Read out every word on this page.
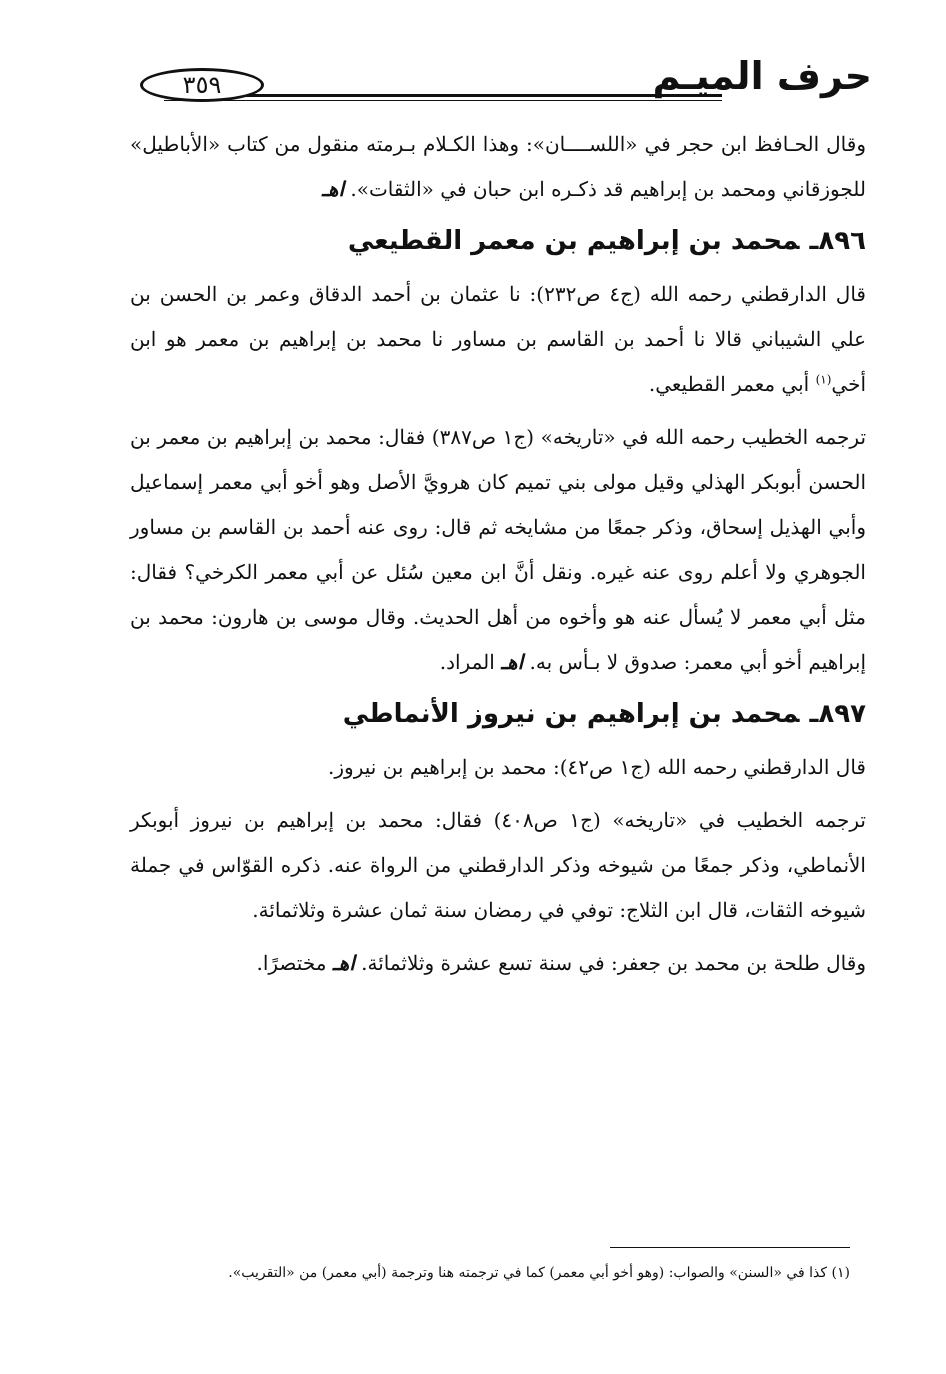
حرف الميـم
٣٥٩

وقال الحـافظ ابن حجر في «اللســــان»: وهذا الكـلام بـرمته منقول من كتاب «الأباطيل» للجوزقاني ومحمد بن إبراهيم قد ذكـره ابن حبان في «الثقات». اهـ

٨٩٦ـمحمد بن إبراهيم بن معمر القطيعي

قال الدارقطني رحمه الله (ج٤ ص٢٣٢): نا عثمان بن أحمد الدقاق وعمر بن الحسن بن علي الشيباني قالا نا أحمد بن القاسم بن مساور نا محمد بن إبراهيم بن معمر هو ابن أخي$^{(١)}$ أبي معمر القطيعي.

ترجمه الخطيب رحمه الله في «تاريخه» (ج١ ص٣٨٧) فقال: محمد بن إبراهيم بن معمر بن الحسن أبوبكر الهذلي وقيل مولى بني تميم كان هرويَّ الأصل وهو أخو أبي معمر إسماعيل وأبي الهذيل إسحاق، وذكر جمعًا من مشايخه ثم قال: روى عنه أحمد بن القاسم بن مساور الجوهري ولا أعلم روى عنه غيره. ونقل أنَّ ابن معين سُئل عن أبي معمر الكرخي؟ فقال: مثل أبي معمر لا يُسأل عنه هو وأخوه من أهل الحديث. وقال موسى بن هارون: محمد بن إبراهيم أخو أبي معمر: صدوق لا بـأس به. اهـ المراد.

٨٩٧ـمحمد بن إبراهيم بن نيروز الأنماطي

قال الدارقطني رحمه الله (ج١ ص٤٢): محمد بن إبراهيم بن نيروز.

ترجمه الخطيب في «تاريخه» (ج١ ص٤٠٨) فقال: محمد بن إبراهيم بن نيروز أبوبكر الأنماطي، وذكر جمعًا من شيوخه وذكر الدارقطني من الرواة عنه. ذكره القوّاس في جملة شيوخه الثقات، قال ابن الثلاج: توفي في رمضان سنة ثمان عشرة وثلاثمائة.

وقال طلحة بن محمد بن جعفر: في سنة تسع عشرة وثلاثمائة. اهـ مختصرًا.

(١) كذا في «السنن» والصواب: (وهو أخو أبي معمر) كما في ترجمته هنا وترجمة (أبي معمر) من «التقريب».
